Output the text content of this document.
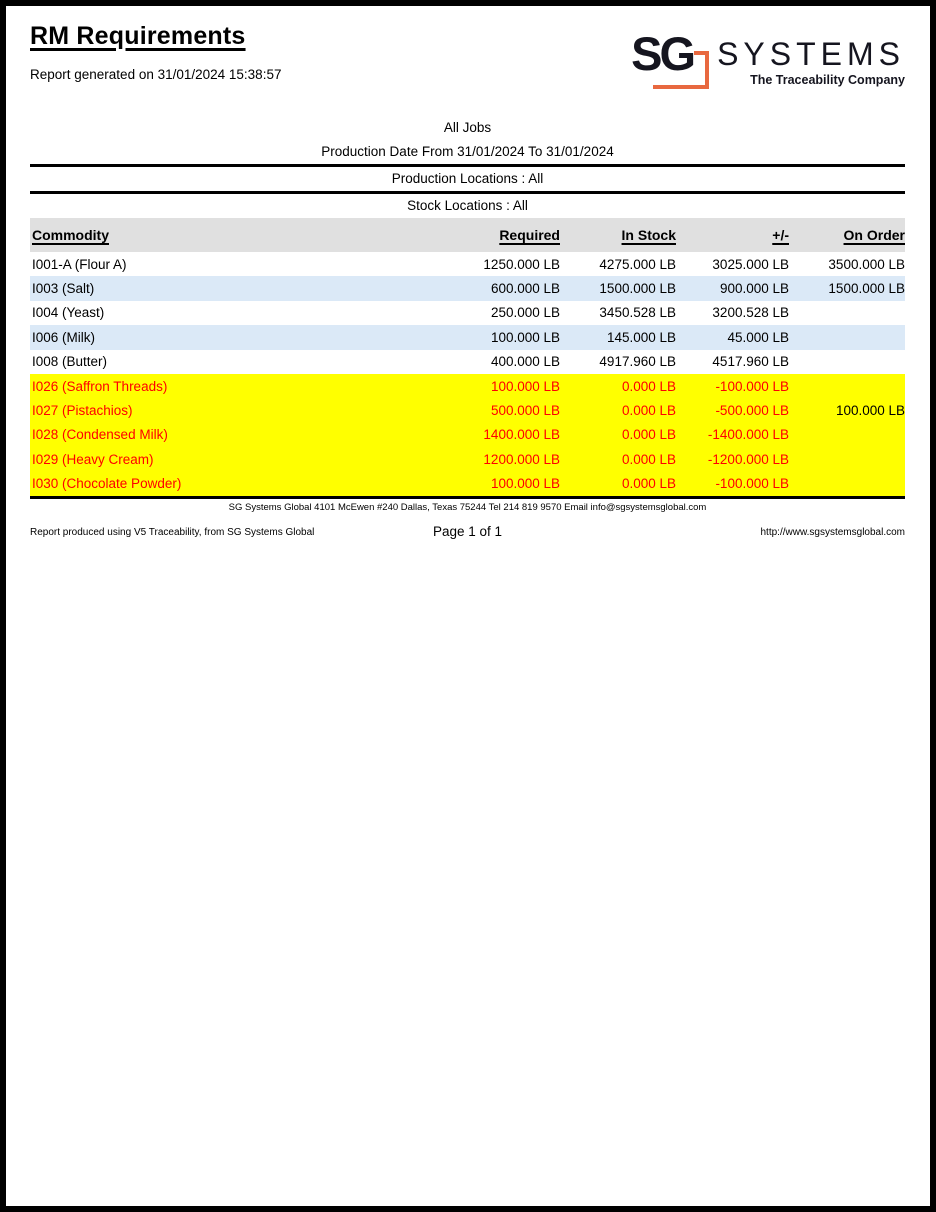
RM Requirements
Report generated on 31/01/2024 15:38:57	SG SYSTEMS
The Traceability Company
All Jobs
Production Date From 31/01/2024 To 31/01/2024
Production Locations : All
Stock Locations : All
Commodity	Required	In Stock	+/-	On Order
I001-A (Flour A)	1250.000 LB	4275.000 LB	3025.000 LB	3500.000 LB
I003 (Salt)	600.000 LB	1500.000 LB	900.000 LB	1500.000 LB
I004 (Yeast)	250.000 LB	3450.528 LB	3200.528 LB
I006 (Milk)	100.000 LB	145.000 LB	45.000 LB
I008 (Butter)	400.000 LB	4917.960 LB	4517.960 LB
I026 (Saffron Threads)	100.000 LB	0.000 LB	-100.000 LB
I027 (Pistachios)	500.000 LB	0.000 LB	-500.000 LB	100.000 LB
I028 (Condensed Milk)	1400.000 LB	0.000 LB	-1400.000 LB
I029 (Heavy Cream)	1200.000 LB	0.000 LB	-1200.000 LB
I030 (Chocolate Powder)	100.000 LB	0.000 LB	-100.000 LB
SG Systems Global 4101 McEwen #240 Dallas, Texas 75244 Tel 214 819 9570 Email info@sgsystemsglobal.com
Report produced using V5 Traceability, from SG Systems Global	Page 1 of 1	http://www.sgsystemsglobal.com
